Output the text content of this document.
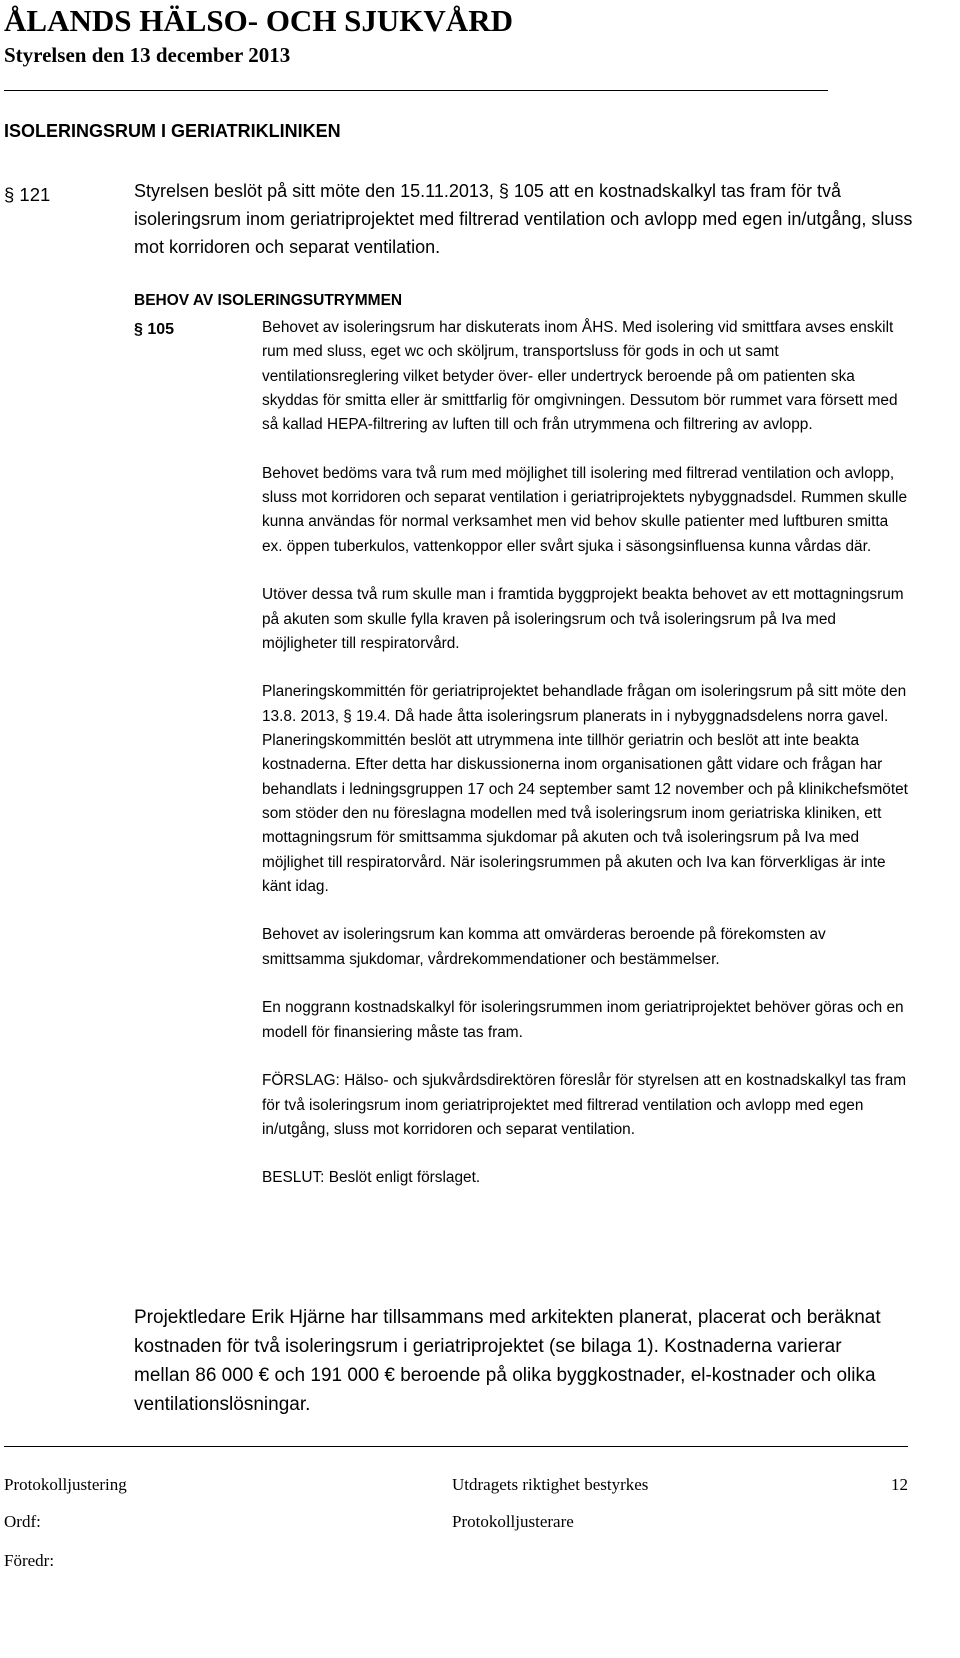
ÅLANDS HÄLSO- OCH SJUKVÅRD
Styrelsen den 13 december 2013
ISOLERINGSRUM I GERIATRIKLINIKEN
§ 121	Styrelsen beslöt på sitt möte den 15.11.2013, § 105 att en kostnadskalkyl tas fram för två isoleringsrum inom geriatriprojektet med filtrerad ventilation och avlopp med egen in/utgång, sluss mot korridoren och separat ventilation.
BEHOV AV ISOLERINGSUTRYMMEN
§ 105	Behovet av isoleringsrum har diskuterats inom ÅHS. Med isolering vid smittfara avses enskilt rum med sluss, eget wc och sköljrum, transportsluss för gods in och ut samt ventilationsreglering vilket betyder över- eller undertryck beroende på om patienten ska skyddas för smitta eller är smittfarlig för omgivningen. Dessutom bör rummet vara försett med så kallad HEPA-filtrering av luften till och från utrymmena och filtrering av avlopp.

Behovet bedöms vara två rum med möjlighet till isolering med filtrerad ventilation och avlopp, sluss mot korridoren och separat ventilation i geriatriprojektets nybyggnadsdel. Rummen skulle kunna användas för normal verksamhet men vid behov skulle patienter med luftburen smitta ex. öppen tuberkulos, vattenkoppor eller svårt sjuka i säsongsinfluensa kunna vårdas där.

Utöver dessa två rum skulle man i framtida byggprojekt beakta behovet av ett mottagningsrum på akuten som skulle fylla kraven på isoleringsrum och två isoleringsrum på Iva med möjligheter till respiratorvård.

Planeringskommittén för geriatriprojektet behandlade frågan om isoleringsrum på sitt möte den 13.8. 2013, § 19.4. Då hade åtta isoleringsrum planerats in i nybyggnadsdelens norra gavel. Planeringskommittén beslöt att utrymmena inte tillhör geriatrin och beslöt att inte beakta kostnaderna. Efter detta har diskussionerna inom organisationen gått vidare och frågan har behandlats i ledningsgruppen 17 och 24 september samt 12 november och på klinikchefsmötet som stöder den nu föreslagna modellen med två isoleringsrum inom geriatriska kliniken, ett mottagningsrum för smittsamma sjukdomar på akuten och två isoleringsrum på Iva med möjlighet till respiratorvård. När isoleringsrummen på akuten och Iva kan förverkligas är inte känt idag.

Behovet av isoleringsrum kan komma att omvärderas beroende på förekomsten av smittsamma sjukdomar, vårdrekommendationer och bestämmelser.

En noggrann kostnadskalkyl för isoleringsrummen inom geriatriprojektet behöver göras och en modell för finansiering måste tas fram.

FÖRSLAG: Hälso- och sjukvårdsdirektören föreslår för styrelsen att en kostnadskalkyl tas fram för två isoleringsrum inom geriatriprojektet med filtrerad ventilation och avlopp med egen in/utgång, sluss mot korridoren och separat ventilation.

BESLUT: Beslöt enligt förslaget.

Projektledare Erik Hjärne har tillsammans med arkitekten planerat, placerat och beräknat kostnaden för två isoleringsrum i geriatriprojektet (se bilaga 1). Kostnaderna varierar mellan 86 000 € och 191 000 € beroende på olika byggkostnader, el-kostnader och olika ventilationslösningar.
Protokolljustering	Utdragets riktighet bestyrkes	12
Ordf:	Protokolljusterare
Föredr:
